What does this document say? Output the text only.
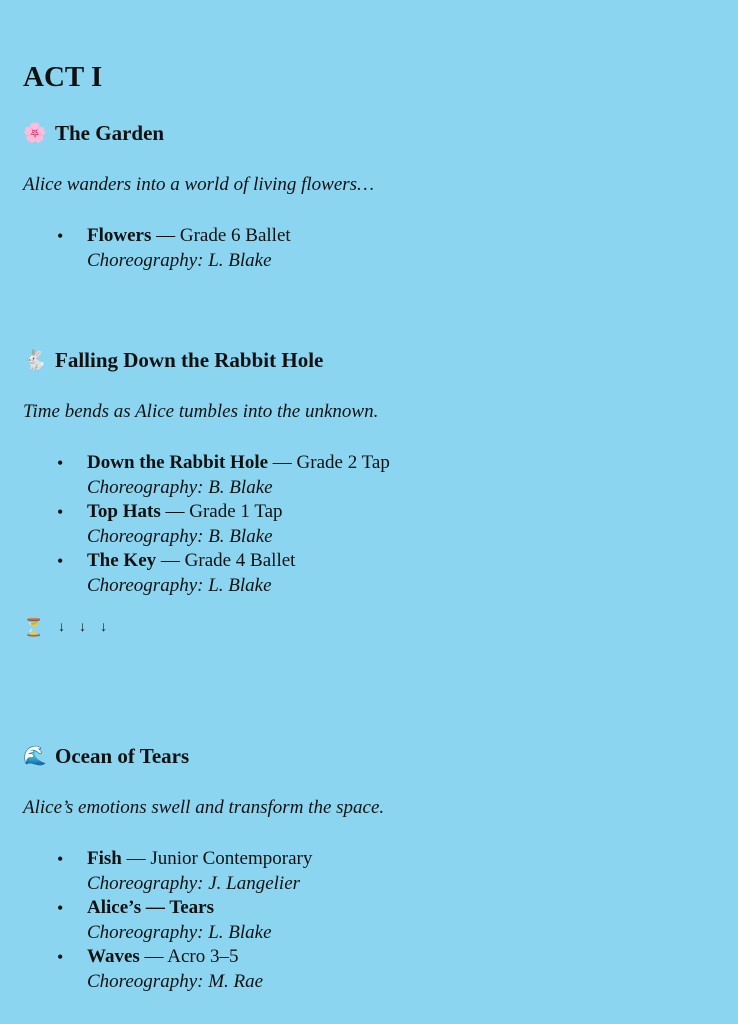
ACT I
🌸 The Garden

Alice wanders into a world of living flowers…

• Flowers — Grade 6 Ballet
Choreography: L. Blake
🐇 Falling Down the Rabbit Hole

Time bends as Alice tumbles into the unknown.

• Down the Rabbit Hole — Grade 2 Tap
Choreography: B. Blake
• Top Hats — Grade 1 Tap
Choreography: B. Blake
• The Key — Grade 4 Ballet
Choreography: L. Blake
⏳ ↓ ↓ ↓
🌊 Ocean of Tears

Alice’s emotions swell and transform the space.

• Fish — Junior Contemporary
Choreography: J. Langelier
• Alice’s — Tears
Choreography: L. Blake
• Waves — Acro 3–5
Choreography: M. Rae
